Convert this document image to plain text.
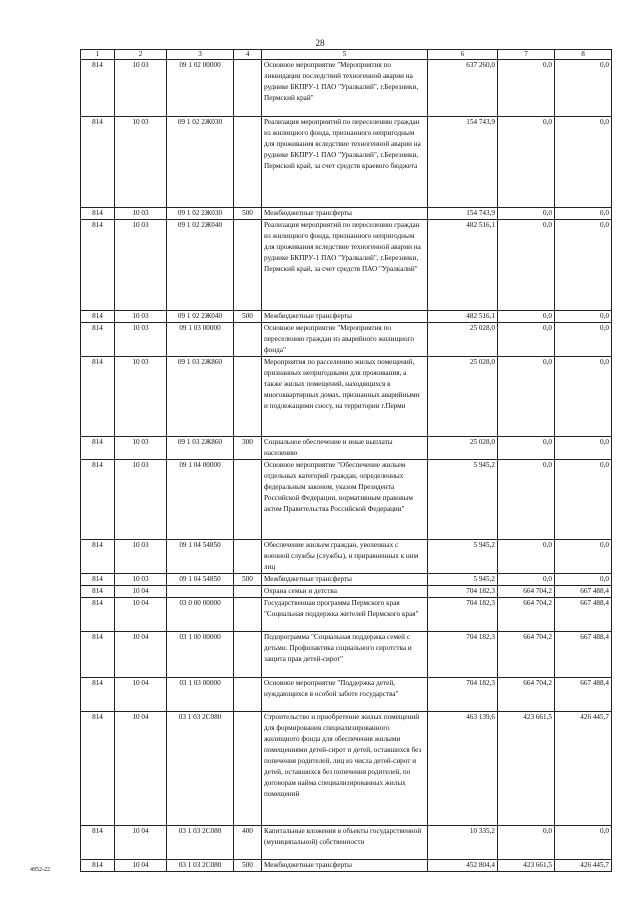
28
1	2	3	4	5	6	7	8
814	10 03	09 1 02 00000		Основное мероприятие "Мероприятия по ликвидации последствий техногенной аварии на руднике БКПРУ-1 ПАО "Уралкалий", г.Березники, Пермский край"	637 260,0	0,0	0,0
814	10 03	09 1 02 2Ж030		Реализация мероприятий по переселению граждан из жилищного фонда, признанного непригодным для проживания вследствие техногенной аварии на руднике БКПРУ-1 ПАО "Уралкалий", г.Березники, Пермский край, за счет средств краевого бюджета	154 743,9	0,0	0,0
814	10 03	09 1 02 2Ж030	500	Межбюджетные трансферты	154 743,9	0,0	0,0
814	10 03	09 1 02 2Ж040		Реализация мероприятий по переселению граждан из жилищного фонда, признанного непригодным для проживания вследствие техногенной аварии на руднике БКПРУ-1 ПАО "Уралкалий", г.Березники, Пермский край, за счет средств ПАО "Уралкалий"	482 516,1	0,0	0,0
814	10 03	09 1 02 2Ж040	500	Межбюджетные трансферты	482 516,1	0,0	0,0
814	10 03	09 1 03 00000		Основное мероприятие "Мероприятия по переселению граждан из аварийного жилищного фонда"	25 028,0	0,0	0,0
814	10 03	09 1 03 2Ж860		Мероприятия по расселению жилых помещений, признанных непригодными для проживания, а также жилых помещений, находящихся в многоквартирных домах, признанных аварийными и подлежащими сносу, на территории г.Перми	25 028,0	0,0	0,0
814	10 03	09 1 03 2Ж860	300	Социальное обеспечение и иные выплаты населению	25 028,0	0,0	0,0
814	10 03	09 1 04 00000		Основное мероприятие "Обеспечение жильем отдельных категорий граждан, определенных федеральным законом, указом Президента Российской Федерации, нормативным правовым актом Правительства Российской Федерации"	5 945,2	0,0	0,0
814	10 03	09 1 04 54850		Обеспечение жильем граждан, уволенных с военной службы (службы), и приравненных к ним лиц	5 945,2	0,0	0,0
814	10 03	09 1 04 54850	500	Межбюджетные трансферты	5 945,2	0,0	0,0
814	10 04			Охрана семьи и детства	704 182,3	664 704,2	667 488,4
814	10 04	03 0 00 00000		Государственная программа Пермского края "Социальная поддержка жителей Пермского края"	704 182,3	664 704,2	667 488,4
814	10 04	03 1 00 00000		Подпрограмма "Социальная поддержка семей с детьми. Профилактика социального сиротства и защита прав детей-сирот"	704 182,3	664 704,2	667 488,4
814	10 04	03 1 03 00000		Основное мероприятие "Поддержка детей, нуждающихся в особой заботе государства"	704 182,3	664 704,2	667 488,4
814	10 04	03 1 03 2С080		Строительство и приобретение жилых помещений для формирования специализированного жилищного фонда для обеспечения жилыми помещениями детей-сирот и детей, оставшихся без попечения родителей, лиц из числа детей-сирот и детей, оставшихся без попечения родителей, по договорам найма специализированных жилых помещений	463 139,6	423 661,5	426 445,7
814	10 04	03 1 03 2С080	400	Капитальные вложения в объекты государственной (муниципальной) собственности	10 335,2	0,0	0,0
814	10 04	03 1 03 2С080	500	Межбюджетные трансферты	452 804,4	423 661,5	426 445,7
4952-22
